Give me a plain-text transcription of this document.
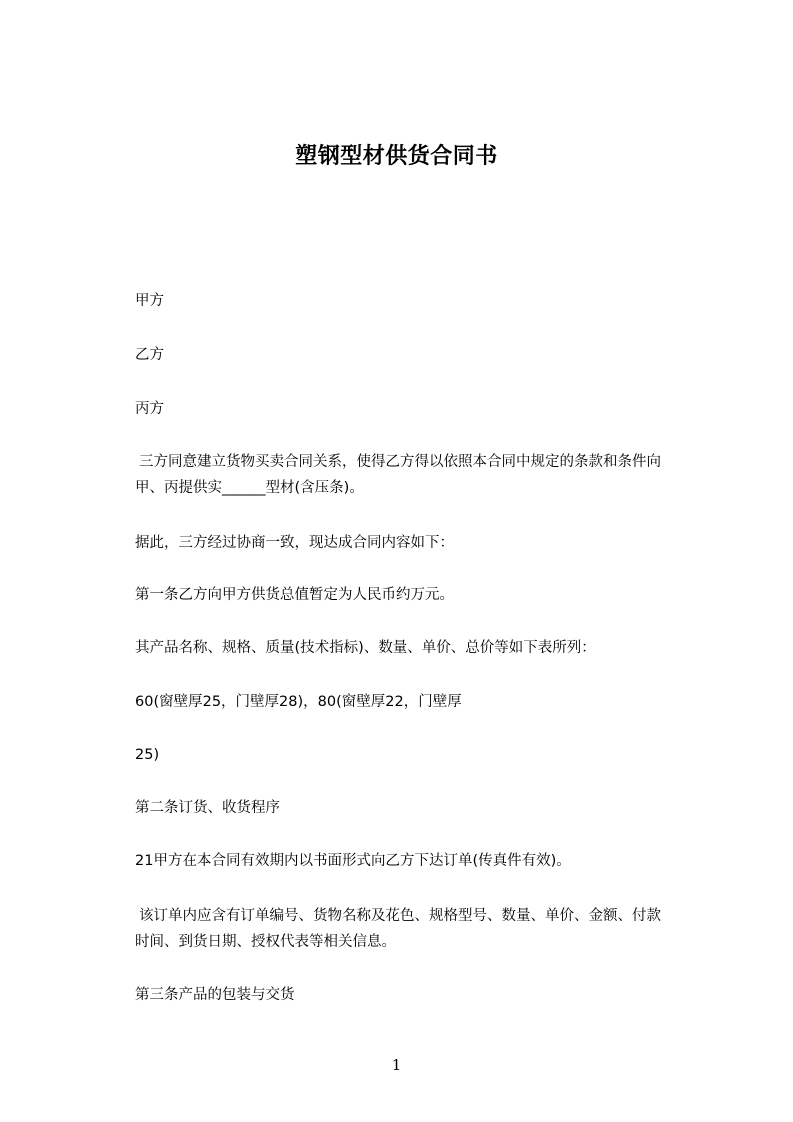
塑钢型材供货合同书
甲方
乙方
丙方
三方同意建立货物买卖合同关系，使得乙方得以依照本合同中规定的条款和条件向甲、丙提供实______型材(含压条)。
据此，三方经过协商一致，现达成合同内容如下：
第一条乙方向甲方供货总值暂定为人民币约万元。
其产品名称、规格、质量(技术指标)、数量、单价、总价等如下表所列：
60(窗壁厚25，门壁厚28)，80(窗壁厚22，门壁厚
25)
第二条订货、收货程序
21甲方在本合同有效期内以书面形式向乙方下达订单(传真件有效)。
该订单内应含有订单编号、货物名称及花色、规格型号、数量、单价、金额、付款时间、到货日期、授权代表等相关信息。
第三条产品的包装与交货
1
